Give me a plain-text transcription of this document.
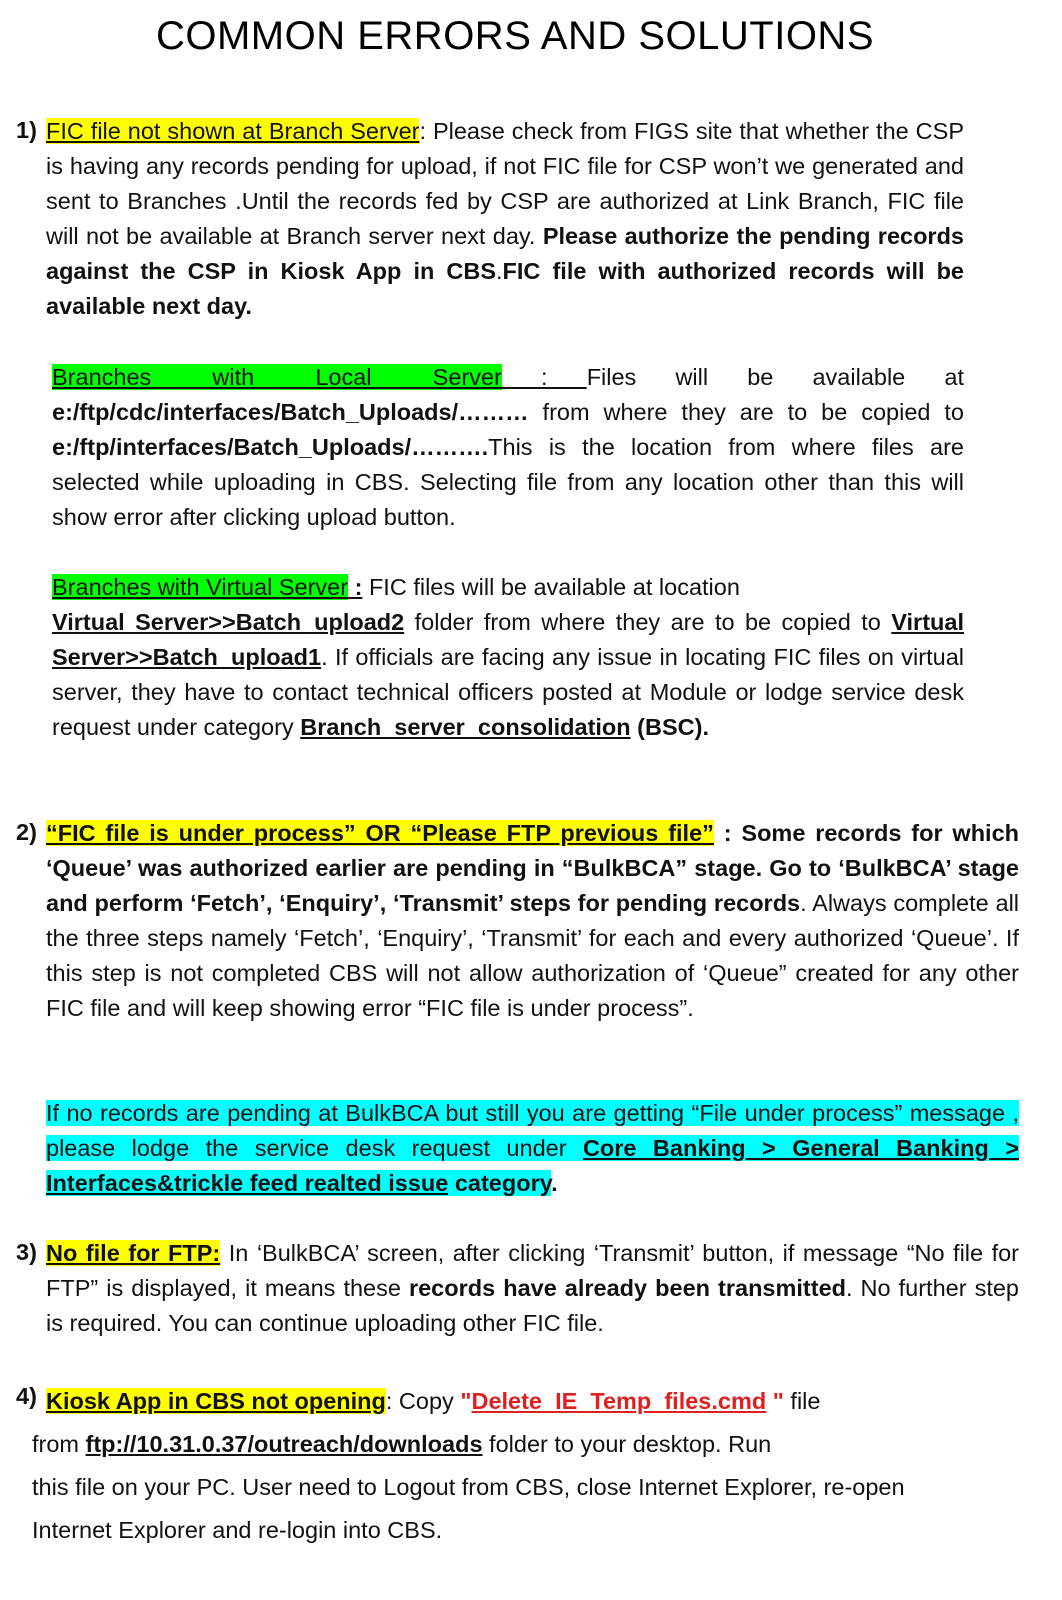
COMMON ERRORS AND SOLUTIONS
1) FIC file not shown at Branch Server: Please check from FIGS site that whether the CSP is having any records pending for upload, if not FIC file for CSP won’t we generated and sent to Branches .Until the records fed by CSP are authorized at Link Branch, FIC file will not be available at Branch server next day. Please authorize the pending records against the CSP in Kiosk App in CBS.FIC file with authorized records will be available next day.
Branches with Local Server : Files will be available at e:/ftp/cdc/interfaces/Batch_Uploads/……… from where they are to be copied to e:/ftp/interfaces/Batch_Uploads/……….This is the location from where files are selected while uploading in CBS. Selecting file from any location other than this will show error after clicking upload button.
Branches with Virtual Server : FIC files will be available at location
Virtual Server>>Batch_upload2 folder from where they are to be copied to Virtual Server>>Batch_upload1. If officials are facing any issue in locating FIC files on virtual server, they have to contact technical officers posted at Module or lodge service desk request under category Branch_server_consolidation (BSC).
2) “FIC file is under process” OR “Please FTP previous file” : Some records for which ‘Queue’ was authorized earlier are pending in “BulkBCA” stage. Go to ‘BulkBCA’ stage and perform ‘Fetch’, ‘Enquiry’, ‘Transmit’ steps for pending records. Always complete all the three steps namely ‘Fetch’, ‘Enquiry’, ‘Transmit’ for each and every authorized ‘Queue’. If this step is not completed CBS will not allow authorization of ‘Queue” created for any other FIC file and will keep showing error “FIC file is under process”.
If no records are pending at BulkBCA but still you are getting “File under process” message , please lodge the service desk request under Core Banking > General Banking > Interfaces&trickle feed realted issue category.
3) No file for FTP: In ‘BulkBCA’ screen, after clicking ‘Transmit’ button, if message “No file for FTP” is displayed, it means these records have already been transmitted. No further step is required. You can continue uploading other FIC file.
4) Kiosk App in CBS not opening: Copy "Delete_IE_Temp_files.cmd " file
from ftp://10.31.0.37/outreach/downloads folder to your desktop. Run
this file on your PC. User need to Logout from CBS, close Internet Explorer, re-open
Internet Explorer and re-login into CBS.
